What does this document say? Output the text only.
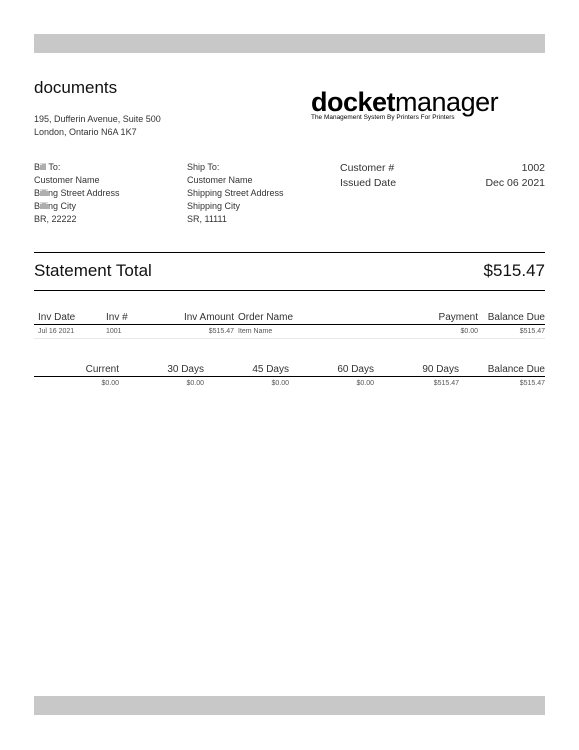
documents
195, Dufferin Avenue, Suite 500
London, Ontario N6A 1K7
docketmanager
The Management System By Printers For Printers
Bill To:
Customer Name
Billing Street Address
Billing City
BR, 22222
Ship To:
Customer Name
Shipping Street Address
Shipping City
SR, 11111
Customer #	1002
Issued Date	Dec 06 2021
Statement Total	$515.47
Inv Date	Inv #	Inv Amount	Order Name	Payment	Balance Due
Jul 16 2021	1001	$515.47	Item Name	$0.00	$515.47
Current	30 Days	45 Days	60 Days	90 Days	Balance Due
$0.00	$0.00	$0.00	$0.00	$515.47	$515.47
